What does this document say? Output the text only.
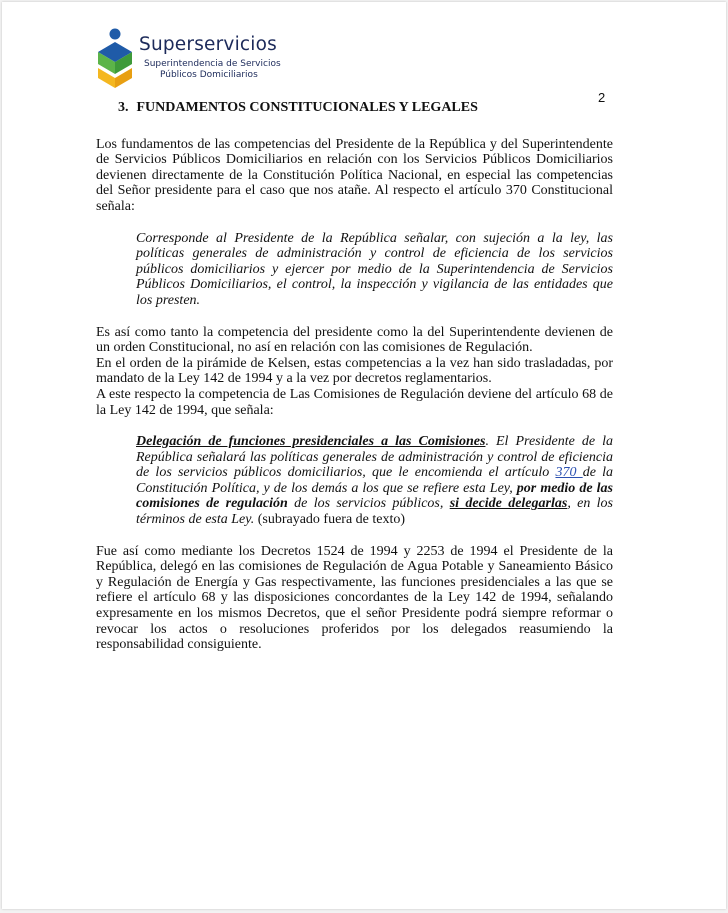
Superservicios
Superintendencia de Servicios
Públicos Domiciliarios
2
3. FUNDAMENTOS CONSTITUCIONALES Y LEGALES

Los fundamentos de las competencias del Presidente de la República y del Superintendente de Servicios Públicos Domiciliarios en relación con los Servicios Públicos Domiciliarios devienen directamente de la Constitución Política Nacional, en especial las competencias del Señor presidente para el caso que nos atañe. Al respecto el artículo 370 Constitucional señala:

Corresponde al Presidente de la República señalar, con sujeción a la ley, las políticas generales de administración y control de eficiencia de los servicios públicos domiciliarios y ejercer por medio de la Superintendencia de Servicios Públicos Domiciliarios, el control, la inspección y vigilancia de las entidades que los presten.

Es así como tanto la competencia del presidente como la del Superintendente devienen de un orden Constitucional, no así en relación con las comisiones de Regulación.

En el orden de la pirámide de Kelsen, estas competencias a la vez han sido trasladadas, por mandato de la Ley 142 de 1994 y a la vez por decretos reglamentarios.

A este respecto la competencia de Las Comisiones de Regulación deviene del artículo 68 de la Ley 142 de 1994, que señala:

Delegación de funciones presidenciales a las Comisiones. El Presidente de la República señalará las políticas generales de administración y control de eficiencia de los servicios públicos domiciliarios, que le encomienda el artículo 370 de la Constitución Política, y de los demás a los que se refiere esta Ley, por medio de las comisiones de regulación de los servicios públicos, si decide delegarlas, en los términos de esta Ley. (subrayado fuera de texto)

Fue así como mediante los Decretos 1524 de 1994 y 2253 de 1994 el Presidente de la República, delegó en las comisiones de Regulación de Agua Potable y Saneamiento Básico y Regulación de Energía y Gas respectivamente, las funciones presidenciales a las que se refiere el artículo 68 y las disposiciones concordantes de la Ley 142 de 1994, señalando expresamente en los mismos Decretos, que el señor Presidente podrá siempre reformar o revocar los actos o resoluciones proferidos por los delegados reasumiendo la responsabilidad consiguiente.
